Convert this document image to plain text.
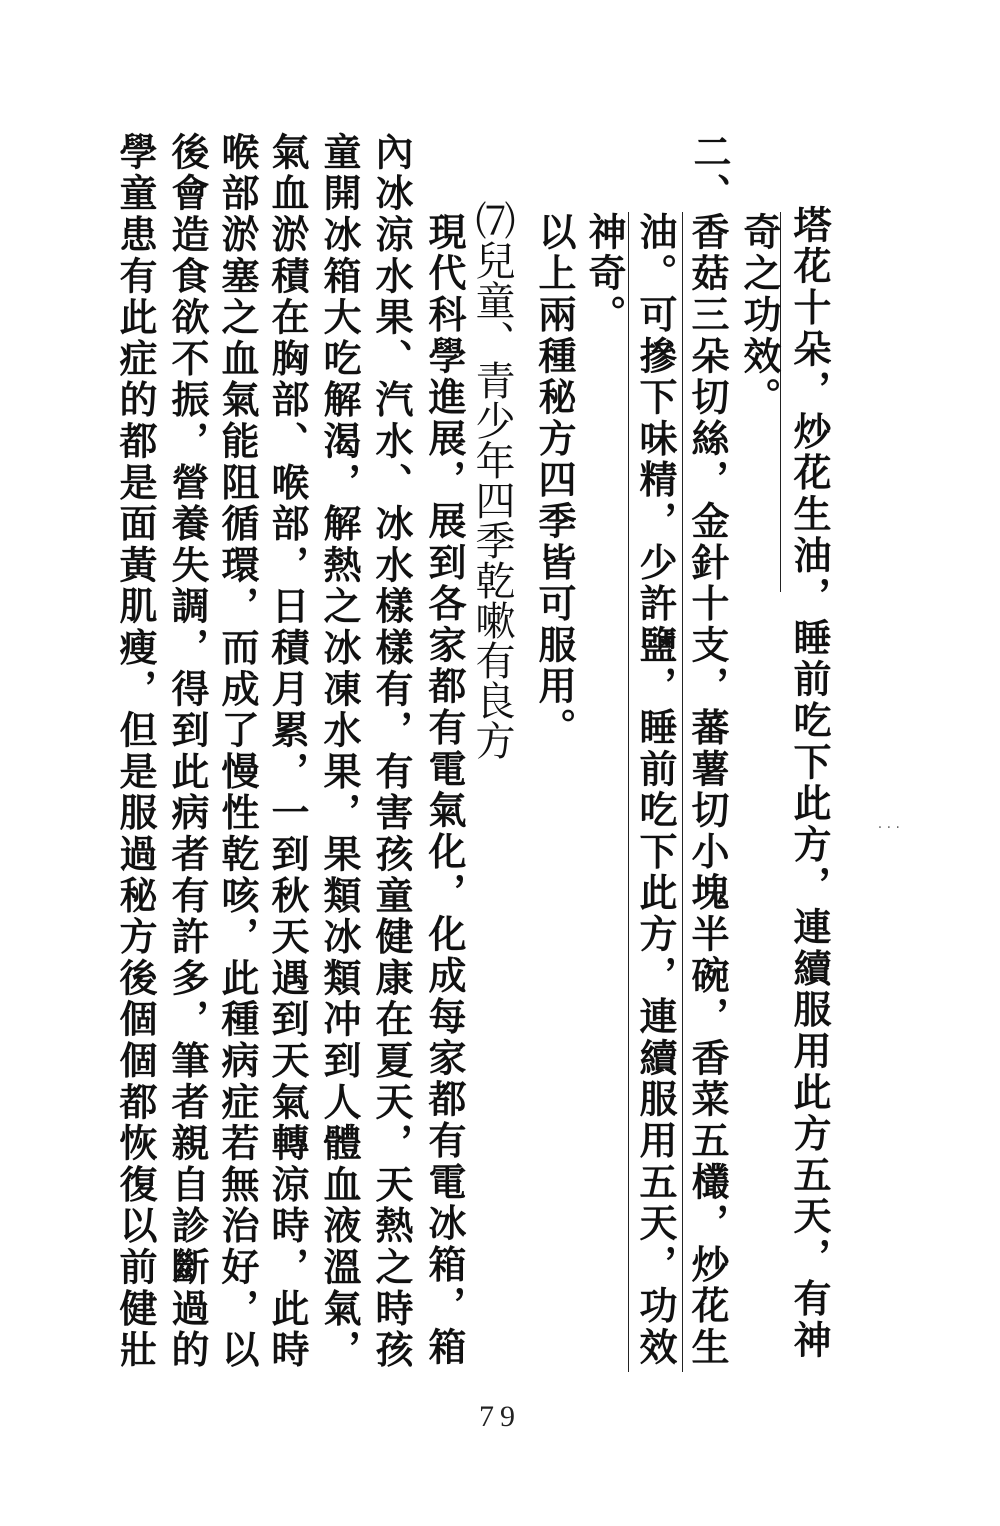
二、
塔花十朵，炒花生油，睡前吃下此方，連續服用此方五天，有神
奇之功效。
香菇三朵切絲，金針十支，蕃薯切小塊半碗，香菜五欉，炒花生
油。可摻下味精，少許鹽，睡前吃下此方，連續服用五天，功效
神奇。
以上兩種秘方四季皆可服用。
⑺兒童、青少年四季乾嗽有良方
現代科學進展，展到各家都有電氣化，化成每家都有電冰箱，箱
內冰涼水果、汽水、冰水樣樣有，有害孩童健康在夏天，天熱之時孩
童開冰箱大吃解渴，解熱之冰凍水果，果類冰類冲到人體血液溫氣，
氣血淤積在胸部、喉部，日積月累，一到秋天遇到天氣轉涼時，此時
喉部淤塞之血氣能阻循環，而成了慢性乾咳，此種病症若無治好，以
後會造食欲不振，營養失調，得到此病者有許多，筆者親自診斷過的
學童患有此症的都是面黃肌瘦，但是服過秘方後個個都恢復以前健壯	· · ·
79
